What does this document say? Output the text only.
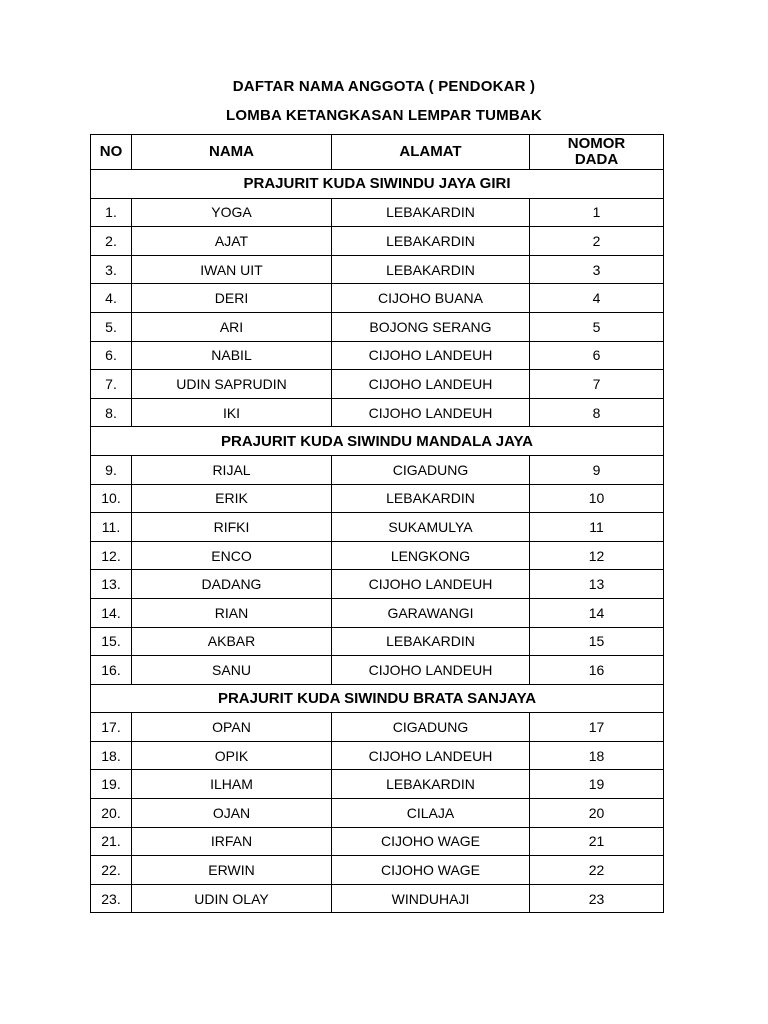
DAFTAR NAMA ANGGOTA ( PENDOKAR )
LOMBA KETANGKASAN LEMPAR TUMBAK
NO	NAMA	ALAMAT	NOMOR DADA
PRAJURIT KUDA SIWINDU JAYA GIRI			
1.	YOGA	LEBAKARDIN	1
2.	AJAT	LEBAKARDIN	2
3.	IWAN UIT	LEBAKARDIN	3
4.	DERI	CIJOHO BUANA	4
5.	ARI	BOJONG SERANG	5
6.	NABIL	CIJOHO LANDEUH	6
7.	UDIN SAPRUDIN	CIJOHO LANDEUH	7
8.	IKI	CIJOHO LANDEUH	8
PRAJURIT KUDA SIWINDU MANDALA JAYA			
9.	RIJAL	CIGADUNG	9
10.	ERIK	LEBAKARDIN	10
11.	RIFKI	SUKAMULYA	11
12.	ENCO	LENGKONG	12
13.	DADANG	CIJOHO LANDEUH	13
14.	RIAN	GARAWANGI	14
15.	AKBAR	LEBAKARDIN	15
16.	SANU	CIJOHO LANDEUH	16
PRAJURIT KUDA SIWINDU BRATA SANJAYA			
17.	OPAN	CIGADUNG	17
18.	OPIK	CIJOHO LANDEUH	18
19.	ILHAM	LEBAKARDIN	19
20.	OJAN	CILAJA	20
21.	IRFAN	CIJOHO WAGE	21
22.	ERWIN	CIJOHO WAGE	22
23.	UDIN OLAY	WINDUHAJI	23
